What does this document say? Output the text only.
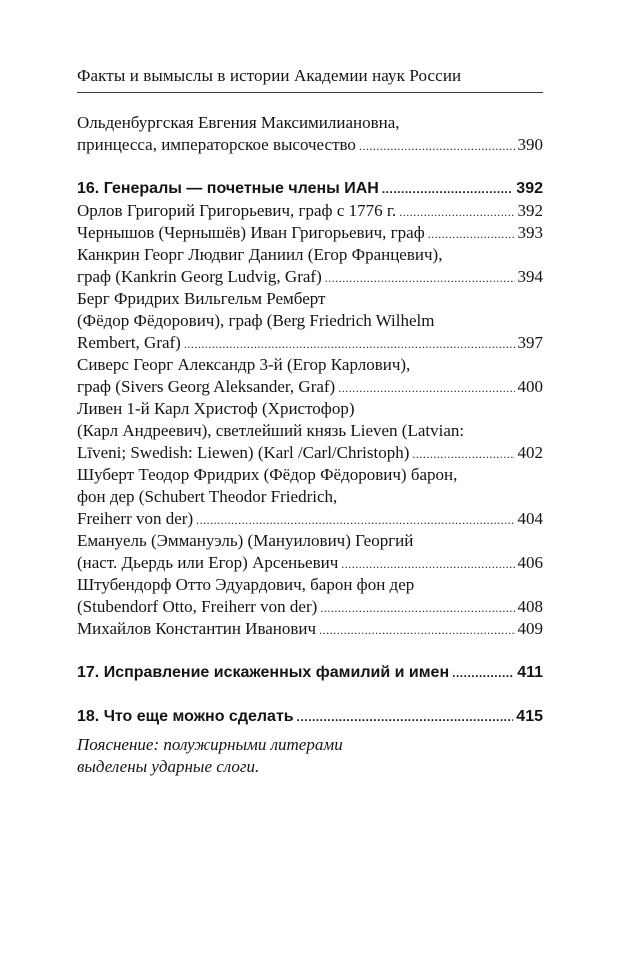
Факты и вымыслы в истории Академии наук России
Ольденбургская Евгения Максимилиановна,
принцесса, императорское высочество .....	390
16. Генералы — почетные члены ИАН .....	392
Орлов Григорий Григорьевич, граф с 1776 г. .....	392
Чернышов (Чернышёв) Иван Григорьевич, граф .....	393
Канкрин Георг Людвиг Даниил (Егор Францевич),
граф (Kankrin Georg Ludvig, Graf) .....	394
Берг Фридрих Вильгельм Ремберт
(Фёдор Фёдорович), граф (Berg Friedrich Wilhelm
Rembert, Graf) .....	397
Сиверс Георг Александр 3-й (Егор Карлович),
граф (Sivers Georg Aleksander, Graf) .....	400
Ливен 1-й Карл Христоф (Христофор)
(Карл Андреевич), светлейший князь Lieven (Latvian:
Līveni; Swedish: Liewen) (Karl /Carl/Christoph) .....	402
Шуберт Теодор Фридрих (Фёдор Фёдорович) барон,
фон дер (Schubert Theodor Friedrich,
Freiherr von der) .....	404
Емануель (Эммануэль) (Мануилович) Георгий
(наст. Дьердь или Егор) Арсеньевич .....	406
Штубендорф Отто Эдуардович, барон фон дер
(Stubendorf Otto, Freiherr von der) .....	408
Михайлов Константин Иванович .....	409
17. Исправление искаженных фамилий и имен .....	411
18. Что еще можно сделать .....	415
Пояснение: полужирными литерами
выделены ударные слоги.
